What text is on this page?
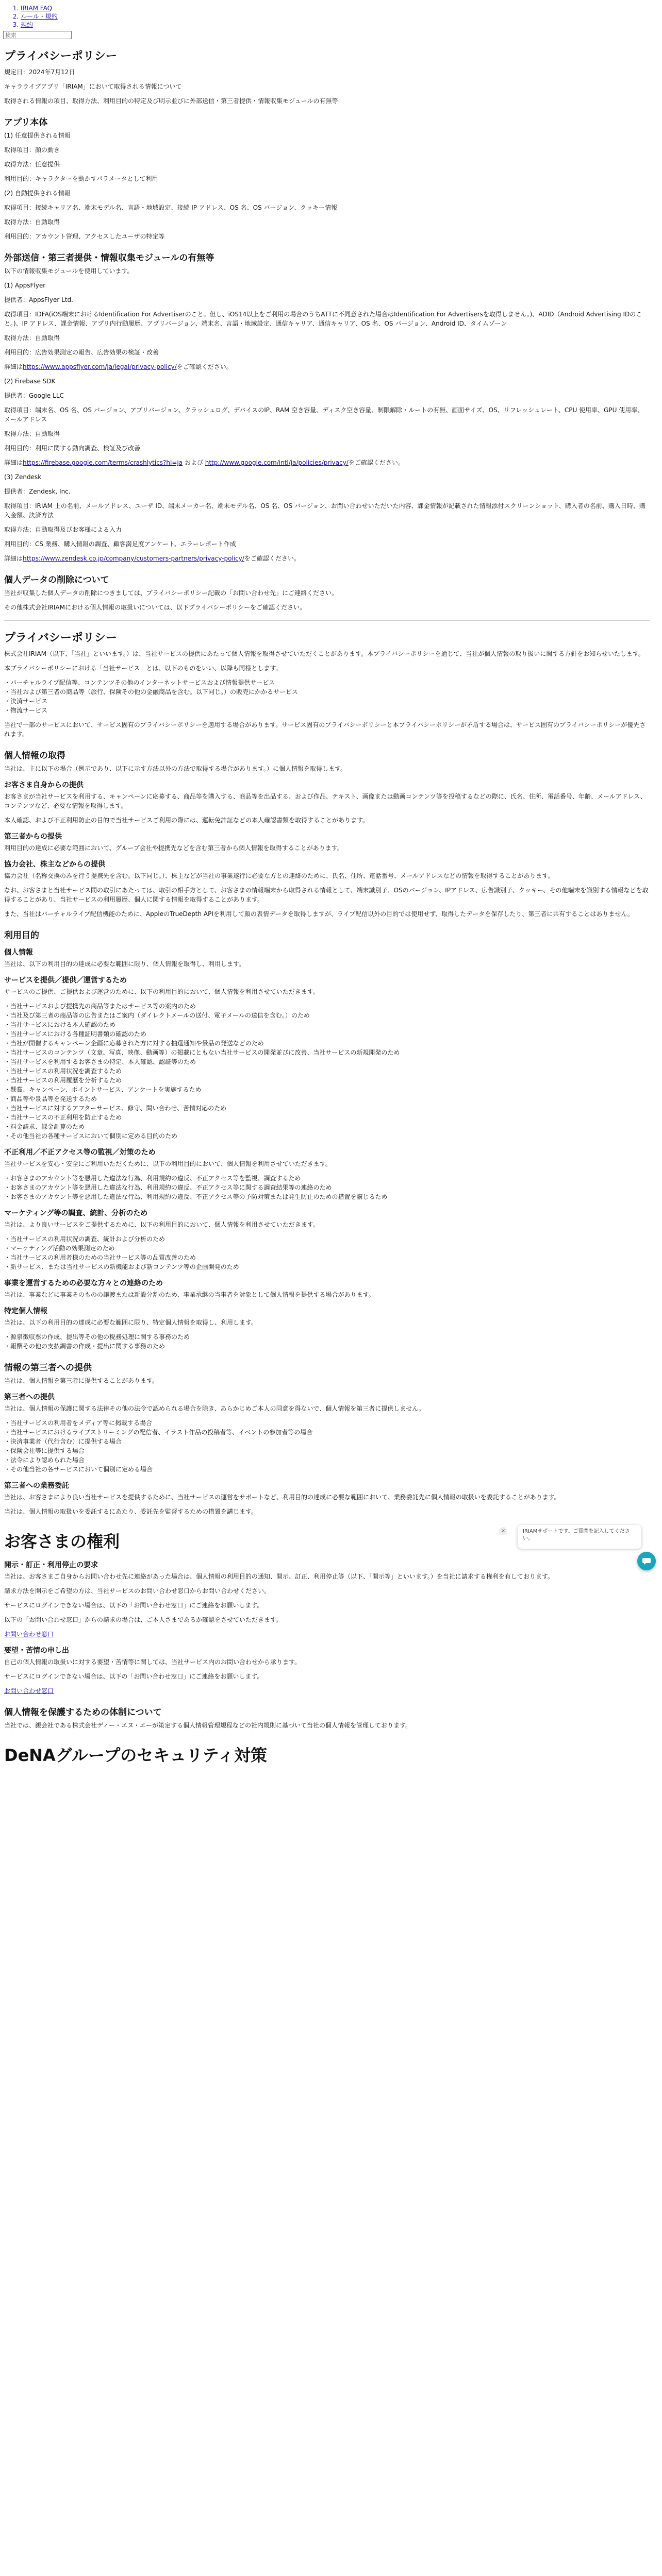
1. IRIAM FAQ
2. ルール・規約
3. 規約
検索
プライバシーポリシー

規定日：2024年7月12日

キャラライブアプリ「IRIAM」において取得される情報について

取得される情報の項目、取得方法、利用目的の特定及び明示並びに外部送信・第三者提供・情報収集モジュールの有無等

アプリ本体

(1) 任意提供される情報

取得項目：顔の動き

取得方法：任意提供

利用目的：キャラクターを動かすパラメータとして利用

(2) 自動提供される情報

取得項目：接続キャリア名、端末モデル名、言語・地域設定、接続 IP アドレス、OS 名、OS バージョン、クッキー情報

取得方法：自動取得

利用目的：アカウント管理、アクセスしたユーザの特定等

外部送信・第三者提供・情報収集モジュールの有無等

以下の情報収集モジュールを使用しています。

(1) AppsFlyer

提供者：AppsFlyer Ltd.

取得項目：IDFA(iOS端末におけるIdentification For Advertiserのこと。但し、iOS14以上をご利用の場合のうちATTに不同意された場合はIdentification For Advertisersを取得しません。)、ADID（Android Advertising IDのこと。)、IP アドレス、課金情報、アプリ内行動履歴、アプリバージョン、端末名、言語・地域設定、通信キャリア、通信キャリア、OS 名、OS バージョン、Android ID、タイムゾーン

取得方法：自動取得

利用目的：広告効果測定の報告、広告効果の検証・改善

詳細はhttps://www.appsflyer.com/ja/legal/privacy-policy/をご確認ください。

(2) Firebase SDK

提供者：Google LLC

取得項目：端末名、OS 名、OS バージョン、アプリバージョン、クラッシュログ、デバイスのIP、RAM 空き容量、ディスク空き容量、制限解除・ルートの有無、画面サイズ、OS、リフレッシュレート、CPU 使用率、GPU 使用率、メールアドレス

取得方法：自動取得

利用目的：利用に関する動向調査、検証及び改善

詳細はhttps://firebase.google.com/terms/crashlytics?hl=ja および http://www.google.com/intl/ja/policies/privacy/をご確認ください。

(3) Zendesk

提供者：Zendesk, Inc.

取得項目：IRIAM 上の名前、メールアドレス、ユーザ ID、端末メーカー名、端末モデル名、OS 名、OS バージョン、お問い合わせいただいた内容、課金情報が記載された情報添付スクリーンショット、購入者の名前、購入日時、購入金額、決済方法

取得方法：自動取得及びお客様による入力

利用目的：CS 業務、購入情報の調査、顧客満足度アンケート、エラーレポート作成

詳細はhttps://www.zendesk.co.jp/company/customers-partners/privacy-policy/をご確認ください。

個人データの削除について

当社が収集した個人データの削除につきましては、プライバシーポリシー記載の「お問い合わせ先」にご連絡ください。

その他株式会社IRIAMにおける個人情報の取扱いについては、以下プライバシーポリシーをご確認ください。

プライバシーポリシー

株式会社IRIAM（以下、「当社」といいます。）は、当社サービスの提供にあたって個人情報を取得させていただくことがあります。本プライバシーポリシーを通じて、当社が個人情報の取り扱いに関する方針をお知らせいたします。

本プライバシーポリシーにおける「当社サービス」とは、以下のものをいい、以降も同様とします。

・バーチャルライブ配信等、コンテンツその他のインターネットサービスおよび情報提供サービス
・当社および第三者の商品等（旅行、保険その他の金融商品を含む。以下同じ。）の販売にかかるサービス
・決済サービス
・物流サービス

当社で一部のサービスにおいて、サービス固有のプライバシーポリシーを適用する場合があります。サービス固有のプライバシーポリシーと本プライバシーポリシーが矛盾する場合は、サービス固有のプライバシーポリシーが優先されます。

個人情報の取得

当社は、主に以下の場合（例示であり、以下に示す方法以外の方法で取得する場合があります。）に個人情報を取得します。

お客さま自身からの提供

お客さまが当社サービスを利用する、キャンペーンに応募する、商品等を購入する、商品等を出品する、および作品、テキスト、画像または動画コンテンツ等を投稿するなどの際に、氏名、住所、電話番号、年齢、メールアドレス、コンテンツなど、必要な情報を取得します。

本人確認、および不正利用防止の目的で当社サービスご利用の際には、運転免許証などの本人確認書類を取得することがあります。

第三者からの提供

利用目的の達成に必要な範囲において、グループ会社や提携先などを含む第三者から個人情報を取得することがあります。

協力会社、株主などからの提供

協力会社（名称交換のみを行う提携先を含む。以下同じ。）、株主などが当社の事業遂行に必要な方との連絡のために、氏名、住所、電話番号、メールアドレスなどの情報を取得することがあります。

なお、お客さまと当社サービス間の取引にあたっては、取引の相手方として、お客さまの情報端末から取得される情報として、端末識別子、OSのバージョン、IPアドレス、広告識別子、クッキー、その他端末を識別する情報などを取得することがあり、当社サービスの利用履歴、個人に関する情報を取得することがあります。

また、当社はバーチャルライブ配信機能のために、AppleのTrueDepth APIを利用して顔の表情データを取得しますが、ライブ配信以外の目的では使用せず、取得したデータを保存したり、第三者に共有することはありません。

利用目的
個人情報

当社は、以下の利用目的の達成に必要な範囲に限り、個人情報を取得し、利用します。

サービスを提供／提供／運営するため

サービスのご提供、ご提供および運営のために、以下の利用目的において、個人情報を利用させていただきます。

・当社サービスおよび提携先の商品等またはサービス等の案内のため
・当社及び第三者の商品等の広告またはご案内（ダイレクトメールの送付、電子メールの送信を含む。）のため
・当社サービスにおける本人確認のため
・当社サービスにおける各種証明書類の確認のため
・当社が開催するキャンペーン企画に応募された方に対する抽選通知や景品の発送などのため
・当社サービスのコンテンツ（文章、写真、映像、動画等）の掲載にともない当社サービスの開発並びに改善、当社サービスの新規開発のため
・当社サービスを利用するお客さまの特定、本人確認、認証等のため
・当社サービスの利用状況を調査するため
・当社サービスの利用履歴を分析するため
・懸賞、キャンペーン、ポイントサービス、アンケートを実施するため
・商品等や景品等を発送するため
・当社サービスに対するアフターサービス、修守、問い合わせ、苦情対応のため
・当社サービスの不正利用を防止するため
・料金請求、課金計算のため
・その他当社の各種サービスにおいて個別に定める目的のため
不正利用／不正アクセス等の監視／対策のため

当社サービスを安心・安全にご利用いただくために、以下の利用目的において、個人情報を利用させていただきます。

・お客さまのアカウント等を悪用した違法な行為、利用規約の違反、不正アクセス等を監視、調査するため
・お客さまのアカウント等を悪用した違法な行為、利用規約の違反、不正アクセス等に関する調査結果等の連絡のため
・お客さまのアカウント等を悪用した違法な行為、利用規約の違反、不正アクセス等の予防対策または発生防止のための措置を講じるため
マーケティング等の調査、統計、分析のため

当社は、より良いサービスをご提供するために、以下の利用目的において、個人情報を利用させていただきます。

・当社サービスの利用状況の調査、統計および分析のため
・マーケティング活動の効果測定のため
・当社サービスの利用者様のための当社サービス等の品質改善のため
・新サービス、または当社サービスの新機能および新コンテンツ等の企画開発のため
事業を運営するための必要な方々との連絡のため

当社は、事業などに事業そのものの譲渡または新設分割のため、事業承継の当事者を対象として個人情報を提供する場合があります。

特定個人情報

当社は、以下の利用目的の達成に必要な範囲に限り、特定個人情報を取得し、利用します。

・源泉徴収票の作成、提出等その他の税務処理に関する事務のため
・報酬その他の支払調書の作成・提出に関する事務のため
情報の第三者への提供

当社は、個人情報を第三者に提供することがあります。

第三者への提供

当社は、個人情報の保護に関する法律その他の法令で認められる場合を除き、あらかじめご本人の同意を得ないで、個人情報を第三者に提供しません。

・当社サービスの利用者をメディア等に掲載する場合
・当社サービスにおけるライブストリーミングの配信者、イラスト作品の投稿者等、イベントの参加者等の場合
・決済事業者（代行含む）に提供する場合
・保険会社等に提供する場合
・法令により認められた場合
・その他当社の各サービスにおいて個別に定める場合
第三者への業務委託

当社は、お客さまにより良い当社サービスを提供するために、当社サービスの運営をサポートなど、利用目的の達成に必要な範囲において、業務委託先に個人情報の取扱いを委託することがあります。

当社は、個人情報の取扱いを委託するにあたり、委託先を監督するための措置を講じます。

お客さまの権利
開示・訂正・利用停止の要求

当社は、お客さまご自身からお問い合わせ先に連絡があった場合は、個人情報の利用目的の通知、開示、訂正、利用停止等（以下、「開示等」といいます。）を当社に請求する権利を有しております。

請求方法を開示をご希望の方は、当社サービスのお問い合わせ窓口からお問い合わせください。

サービスにログインできない場合は、以下の「お問い合わせ窓口」にご連絡をお願いします。

以下の「お問い合わせ窓口」からの請求の場合は、ご本人さまであるか確認をさせていただきます。

お問い合わせ窓口

要望・苦情の申し出

自己の個人情報の取扱いに対する要望・苦情等に関しては、当社サービス内のお問い合わせから承ります。

サービスにログインできない場合は、以下の「お問い合わせ窓口」にご連絡をお願いします。

お問い合わせ窓口

個人情報を保護するための体制について

当社では、親会社である株式会社ディー・エヌ・エーが策定する個人情報管理規程などの社内規則に基づいて当社の個人情報を管理しております。

DeNAグループのセキュリティ対策
×	IRIAMサポートです。ご質問を記入してください。
